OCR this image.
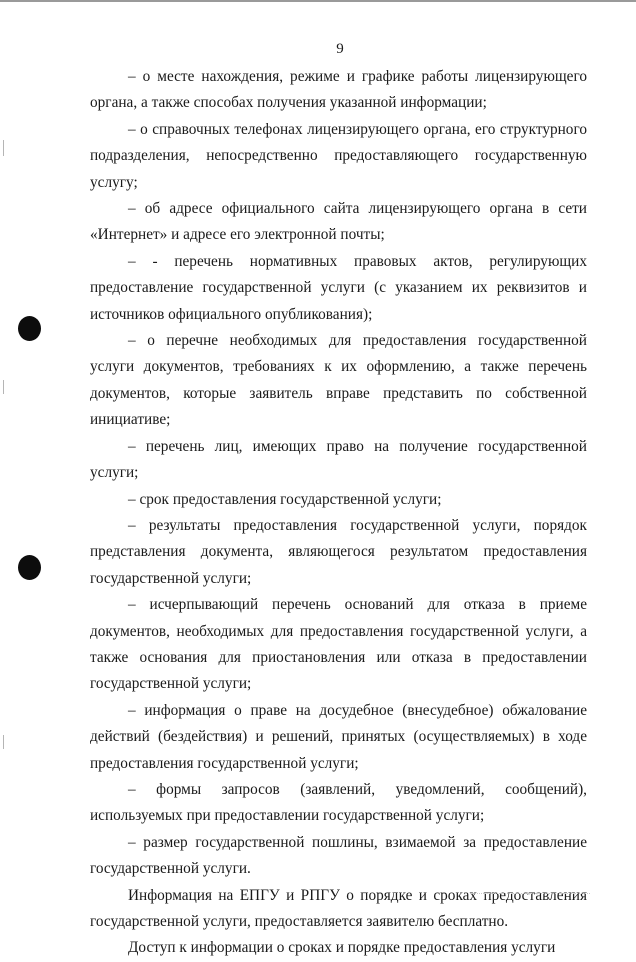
9

– о месте нахождения, режиме и графике работы лицензирующего органа, а также способах получения указанной информации;

– о справочных телефонах лицензирующего органа, его структурного подразделения, непосредственно предоставляющего государственную услугу;

– об адресе официального сайта лицензирующего органа в сети «Интернет» и адресе его электронной почты;

– - перечень нормативных правовых актов, регулирующих предоставление государственной услуги (с указанием их реквизитов и источников официального опубликования);

– о перечне необходимых для предоставления государственной услуги документов, требованиях к их оформлению, а также перечень документов, которые заявитель вправе представить по собственной инициативе;

– перечень лиц, имеющих право на получение государственной услуги;

– срок предоставления государственной услуги;

– результаты предоставления государственной услуги, порядок представления документа, являющегося результатом предоставления государственной услуги;

– исчерпывающий перечень оснований для отказа в приеме документов, необходимых для предоставления государственной услуги, а также основания для приостановления или отказа в предоставлении государственной услуги;

– информация о праве на досудебное (внесудебное) обжалование действий (бездействия) и решений, принятых (осуществляемых) в ходе предоставления государственной услуги;

– формы запросов (заявлений, уведомлений, сообщений), используемых при предоставлении государственной услуги;

– размер государственной пошлины, взимаемой за предоставление государственной услуги.

Информация на ЕПГУ и РПГУ о порядке и сроках предоставления государственной услуги, предоставляется заявителю бесплатно.

Доступ к информации о сроках и порядке предоставления услуги
